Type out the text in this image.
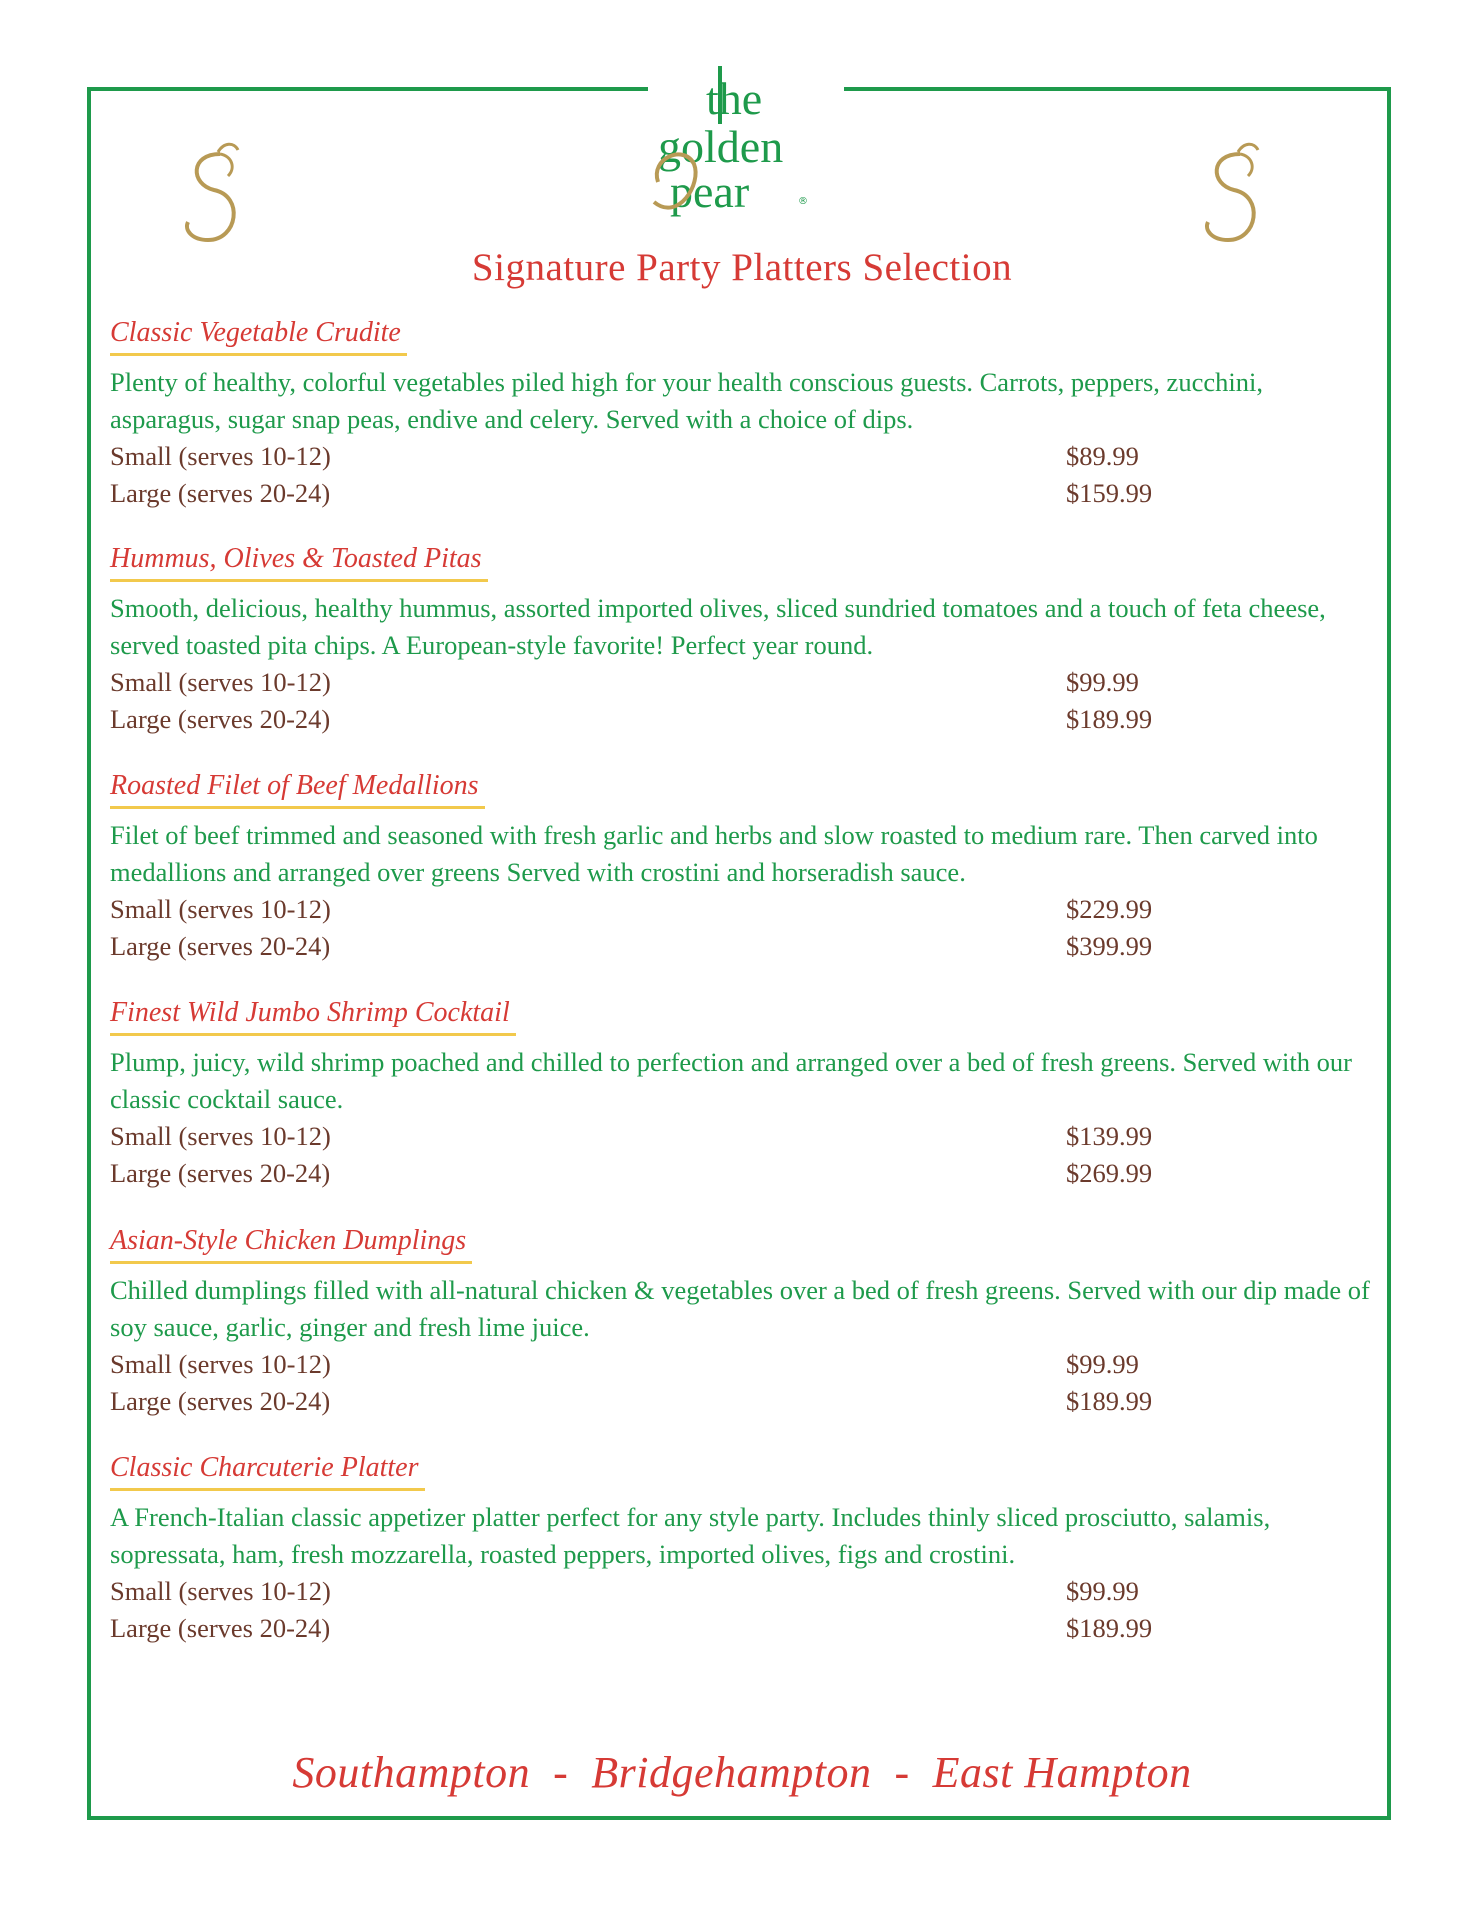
the
golden
pear	®
Signature Party Platters Selection
Classic Vegetable Crudite
Plenty of healthy, colorful vegetables piled high for your health conscious guests. Carrots, peppers, zucchini, asparagus, sugar snap peas, endive and celery. Served with a choice of dips.
Small (serves 10-12)	$89.99
Large (serves 20-24)	$159.99
Hummus, Olives & Toasted Pitas
Smooth, delicious, healthy hummus, assorted imported olives, sliced sundried tomatoes and a touch of feta cheese, served toasted pita chips. A European-style favorite! Perfect year round.
Small (serves 10-12)	$99.99
Large (serves 20-24)	$189.99
Roasted Filet of Beef Medallions
Filet of beef trimmed and seasoned with fresh garlic and herbs and slow roasted to medium rare. Then carved into medallions and arranged over greens Served with crostini and horseradish sauce.
Small (serves 10-12)	$229.99
Large (serves 20-24)	$399.99
Finest Wild Jumbo Shrimp Cocktail
Plump, juicy, wild shrimp poached and chilled to perfection and arranged over a bed of fresh greens. Served with our classic cocktail sauce.
Small (serves 10-12)	$139.99
Large (serves 20-24)	$269.99
Asian-Style Chicken Dumplings
Chilled dumplings filled with all-natural chicken & vegetables over a bed of fresh greens. Served with our dip made of soy sauce, garlic, ginger and fresh lime juice.
Small (serves 10-12)	$99.99
Large (serves 20-24)	$189.99
Classic Charcuterie Platter
A French-Italian classic appetizer platter perfect for any style party. Includes thinly sliced prosciutto, salamis, sopressata, ham, fresh mozzarella, roasted peppers, imported olives, figs and crostini.
Small (serves 10-12)	$99.99
Large (serves 20-24)	$189.99
Southampton  -  Bridgehampton  -  East Hampton
